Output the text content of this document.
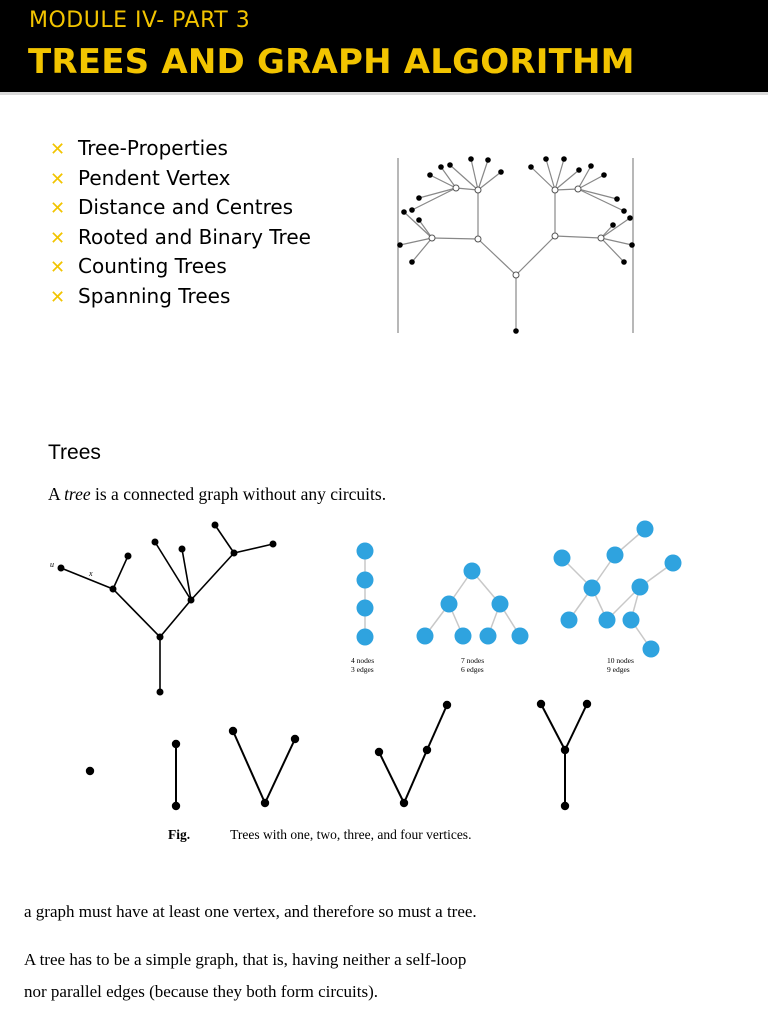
MODULE IV- PART 3
TREES AND GRAPH ALGORITHM
✕ Tree-Properties
✕ Pendent Vertex
✕ Distance and Centres
✕ Rooted and Binary Tree
✕ Counting Trees
✕ Spanning Trees
Trees
A tree is a connected graph without any circuits.
u
x
4 nodes
3 edges
7 nodes
6 edges
10 nodes
9 edges
Fig.	Trees with one, two, three, and four vertices.
a graph must have at least one vertex, and therefore so must a tree.
A tree has to be a simple graph, that is, having neither a self-loop
nor parallel edges (because they both form circuits).
